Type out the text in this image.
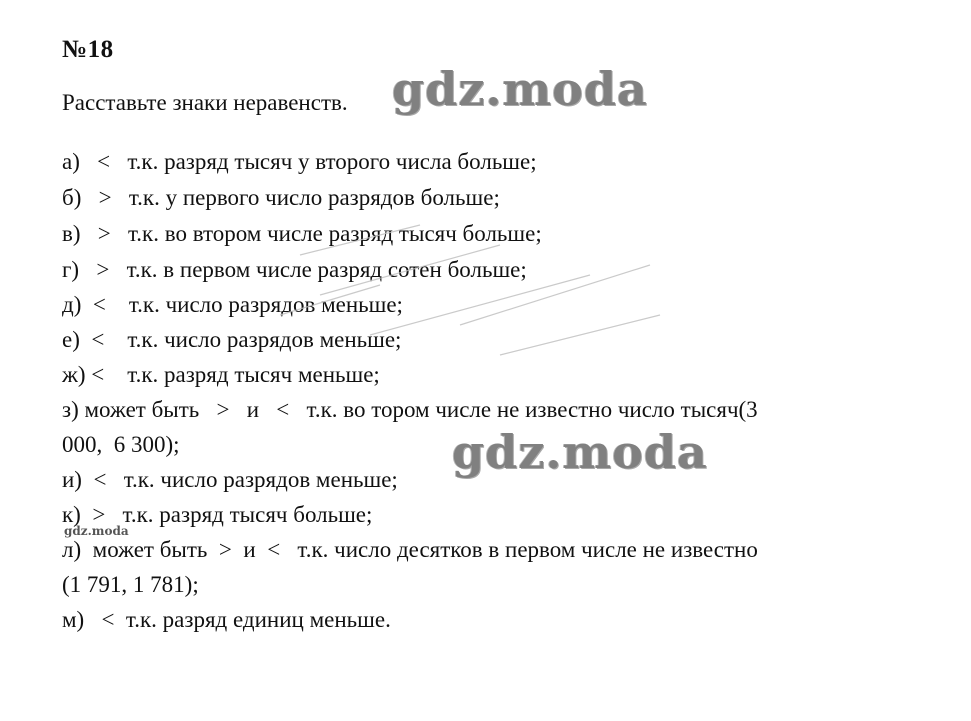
№18
Расставьте знаки неравенств.
а)   <   т.к. разряд тысяч у второго числа больше;
б)   >   т.к. у первого число разрядов больше;
в)   >   т.к. во втором числе разряд тысяч больше;
г)   >   т.к. в первом числе разряд сотен больше;
д)  <    т.к. число разрядов меньше;
е)  <    т.к. число разрядов меньше;
ж) <    т.к. разряд тысяч меньше;
з) может быть   >   и   <   т.к. во тором числе не известно число тысяч(3
000,  6 300);
и)  <   т.к. число разрядов меньше;
к)  >   т.к. разряд тысяч больше;
л)  может быть  >  и  <   т.к. число десятков в первом числе не известно
(1 791, 1 781);
м)   <  т.к. разряд единиц меньше.
gdz.moda
gdz.moda
gdz.moda
